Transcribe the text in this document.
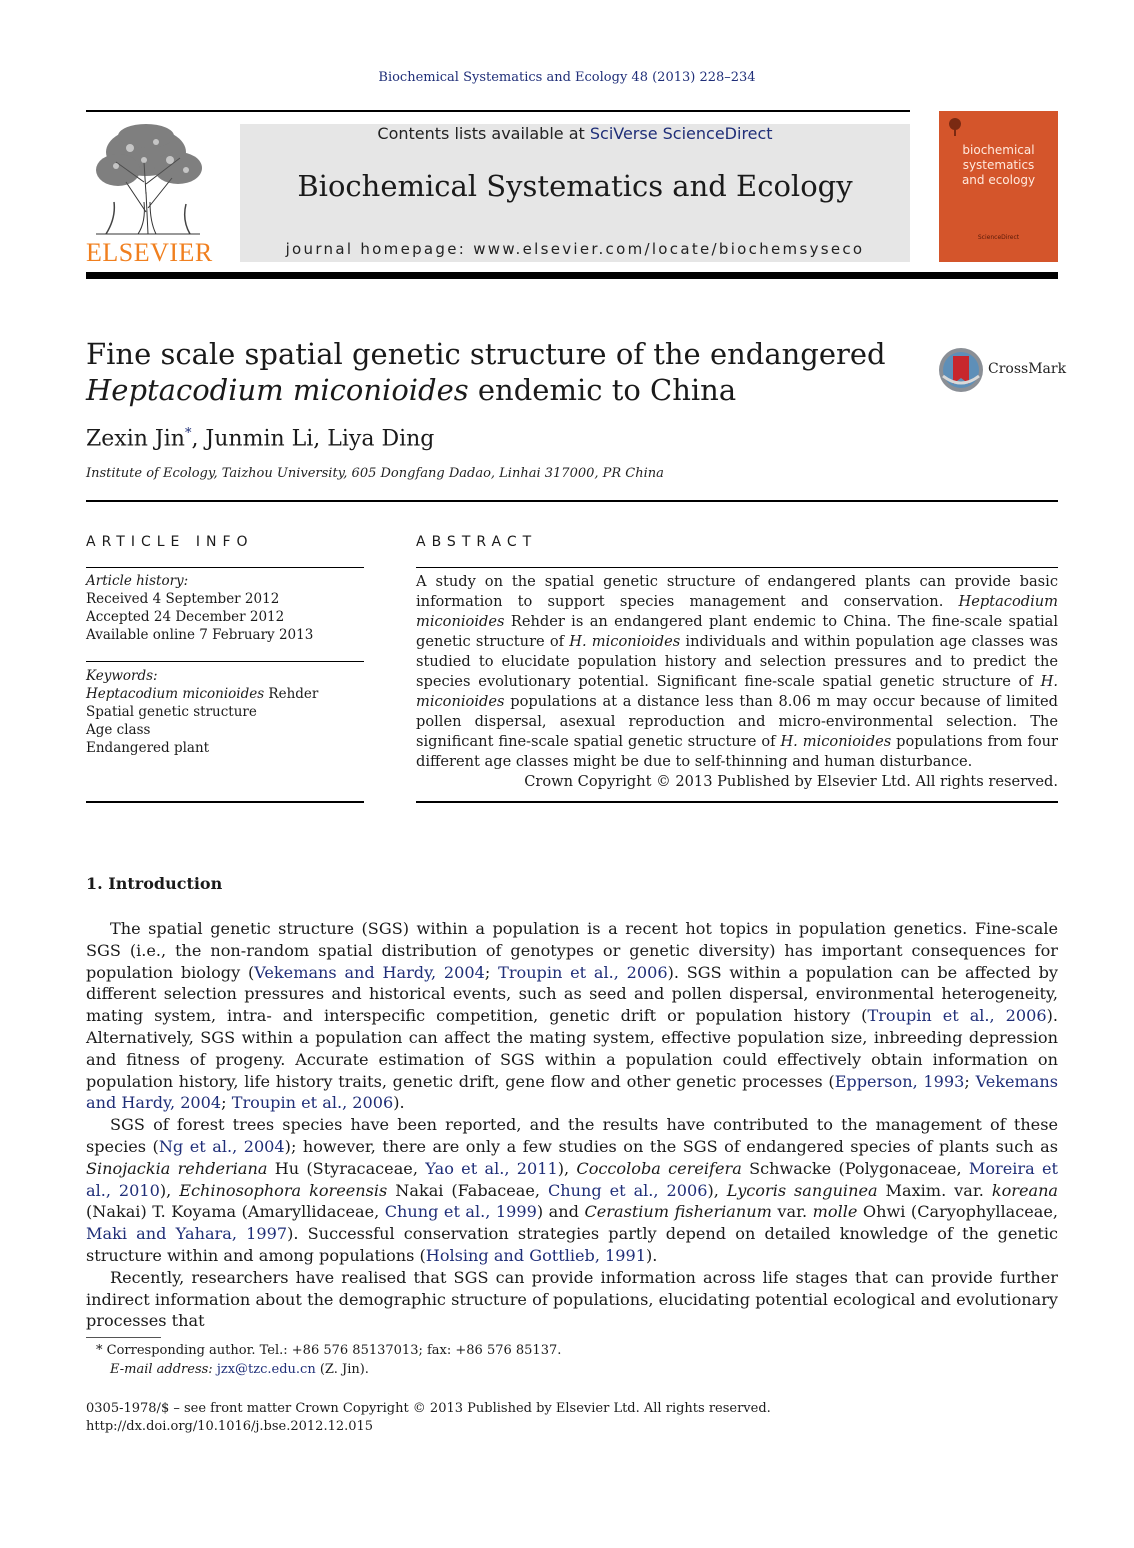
Biochemical Systematics and Ecology 48 (2013) 228–234
ELSEVIER
Contents lists available at SciVerse ScienceDirect
Biochemical Systematics and Ecology
journal homepage: www.elsevier.com/locate/biochemsyseco
biochemical
systematics
and ecology
ScienceDirect
Fine scale spatial genetic structure of the endangered
Heptacodium miconioides endemic to China
CrossMark
Zexin Jin*, Junmin Li, Liya Ding
Institute of Ecology, Taizhou University, 605 Dongfang Dadao, Linhai 317000, PR China
ARTICLE INFO
Article history:
Received 4 September 2012
Accepted 24 December 2012
Available online 7 February 2013
Keywords:
Heptacodium miconioides Rehder
Spatial genetic structure
Age class
Endangered plant
ABSTRACT
A study on the spatial genetic structure of endangered plants can provide basic information to support species management and conservation. Heptacodium miconioides Rehder is an endangered plant endemic to China. The fine-scale spatial genetic structure of H. miconioides individuals and within population age classes was studied to elucidate population history and selection pressures and to predict the species evolutionary potential. Significant fine-scale spatial genetic structure of H. miconioides populations at a distance less than 8.06 m may occur because of limited pollen dispersal, asexual reproduction and micro-environmental selection. The significant fine-scale spatial genetic structure of H. miconioides populations from four different age classes might be due to self-thinning and human disturbance.
Crown Copyright © 2013 Published by Elsevier Ltd. All rights reserved.
1. Introduction

The spatial genetic structure (SGS) within a population is a recent hot topics in population genetics. Fine-scale SGS (i.e., the non-random spatial distribution of genotypes or genetic diversity) has important consequences for population biology (Vekemans and Hardy, 2004; Troupin et al., 2006). SGS within a population can be affected by different selection pressures and historical events, such as seed and pollen dispersal, environmental heterogeneity, mating system, intra- and interspecific competition, genetic drift or population history (Troupin et al., 2006). Alternatively, SGS within a population can affect the mating system, effective population size, inbreeding depression and fitness of progeny. Accurate estimation of SGS within a population could effectively obtain information on population history, life history traits, genetic drift, gene flow and other genetic processes (Epperson, 1993; Vekemans and Hardy, 2004; Troupin et al., 2006).

SGS of forest trees species have been reported, and the results have contributed to the management of these species (Ng et al., 2004); however, there are only a few studies on the SGS of endangered species of plants such as Sinojackia rehderiana Hu (Styracaceae, Yao et al., 2011), Coccoloba cereifera Schwacke (Polygonaceae, Moreira et al., 2010), Echinosophora koreensis Nakai (Fabaceae, Chung et al., 2006), Lycoris sanguinea Maxim. var. koreana (Nakai) T. Koyama (Amaryllidaceae, Chung et al., 1999) and Cerastium fisherianum var. molle Ohwi (Caryophyllaceae, Maki and Yahara, 1997). Successful conservation strategies partly depend on detailed knowledge of the genetic structure within and among populations (Holsing and Gottlieb, 1991).

Recently, researchers have realised that SGS can provide information across life stages that can provide further indirect information about the demographic structure of populations, elucidating potential ecological and evolutionary processes that

* Corresponding author. Tel.: +86 576 85137013; fax: +86 576 85137.
E-mail address: jzx@tzc.edu.cn (Z. Jin).
0305-1978/$ – see front matter Crown Copyright © 2013 Published by Elsevier Ltd. All rights reserved.
http://dx.doi.org/10.1016/j.bse.2012.12.015
